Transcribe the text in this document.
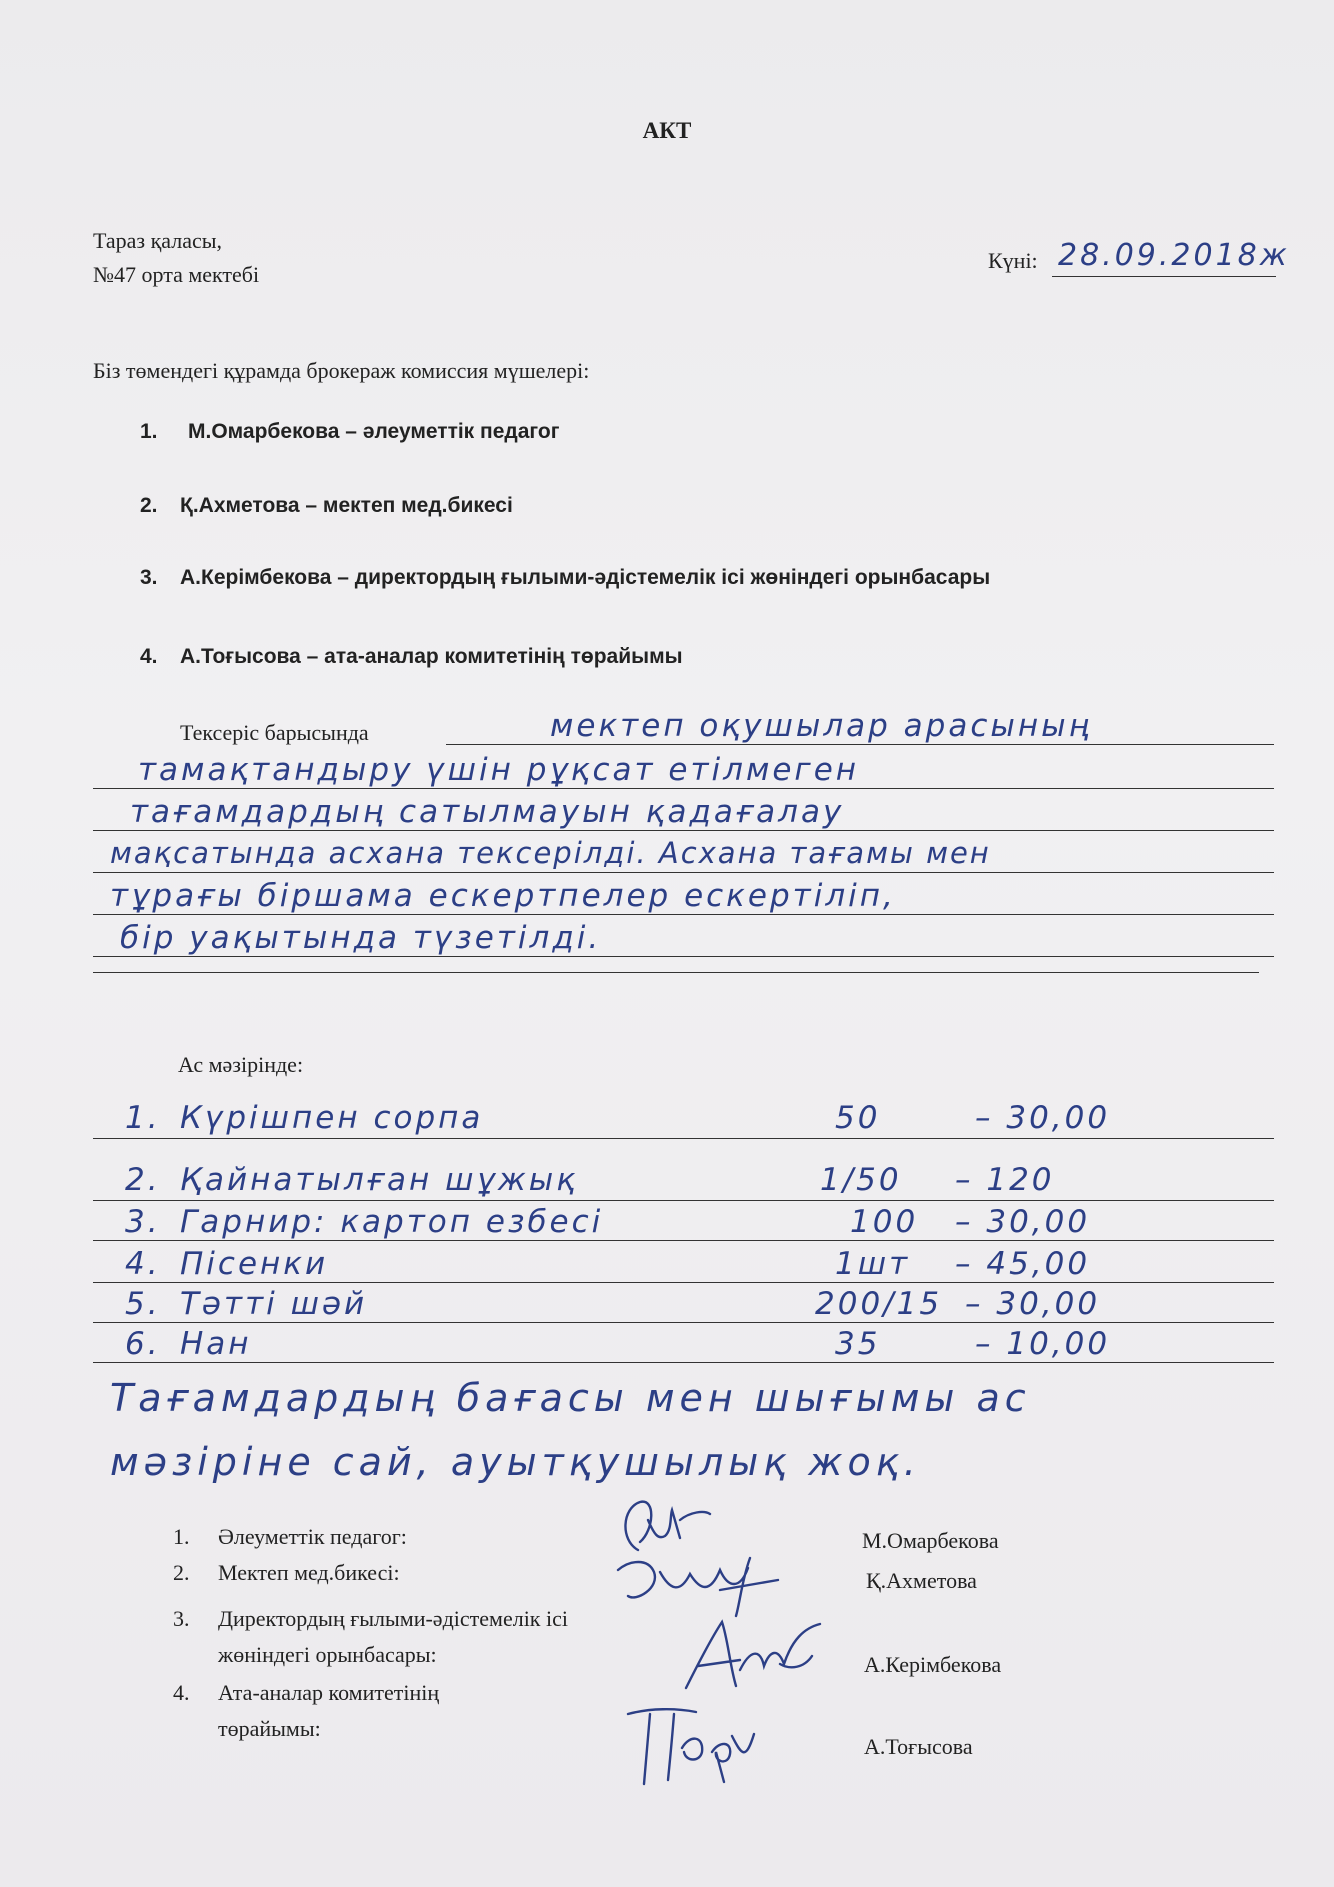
АКТ
Тараз қаласы,
№47 орта мектебі
Күні: 28.09.2018ж
Біз төмендегі құрамда брокераж комиссия мүшелері:
1. М.Омарбекова – әлеуметтік педагог
2. Қ.Ахметова – мектеп мед.бикесі
3. А.Керімбекова – директордың ғылыми-әдістемелік ісі жөніндегі орынбасары
4. А.Тоғысова – ата-аналар комитетінің төрайымы
Тексеріс барысында	мектеп оқушылар арасының
тамақтандыру үшін рұқсат етілмеген
тағамдардың сатылмауын қадағалау
мақсатында асхана тексерілді. Асхана тағамы мен
тұрағы біршама ескертпелер ескертіліп,
бір уақытында түзетілді.
Ас мәзірінде:
1. Күрішпен сорпа	50	– 30,00
2. Қайнатылған шұжық	1/50 – 120
3. Гарнир: картоп езбесі	100 – 30,00
4. Пісенки	1шт – 45,00
5. Тәтті шәй	200/15 – 30,00
6. Нан	35	– 10,00
Тағамдардың бағасы мен шығымы ас
мәзіріне сай, ауытқушылық жоқ.
1. Әлеуметтік педагог:	М.Омарбекова
2. Мектеп мед.бикесі:	Қ.Ахметова
3. Директордың ғылыми-әдістемелік ісі
жөніндегі орынбасары:	А.Керімбекова
4. Ата-аналар комитетінің
төрайымы:
А.Тоғысова
